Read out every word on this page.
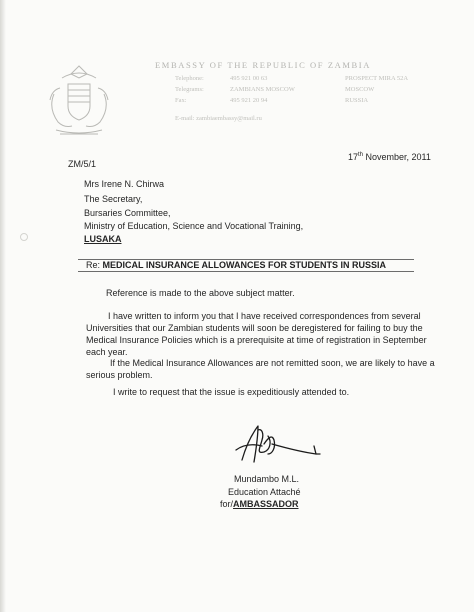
EMBASSY OF THE REPUBLIC OF ZAMBIA

Telephone:	495 921 00 63	PROSPECT MIRA 52A
Telegrams:	ZAMBIANS MOSCOW	MOSCOW
Fax:	495 921 20 94	RUSSIA

E-mail: zambiaembassy@mail.ru

ZM/5/1

17th November, 2011

Mrs Irene N. Chirwa

The Secretary,

Bursaries Committee,

Ministry of Education, Science and Vocational Training,

LUSAKA

Re: MEDICAL INSURANCE ALLOWANCES FOR STUDENTS IN RUSSIA

Reference is made to the above subject matter.

I have written to inform you that I have received correspondences from several Universities that our Zambian students will soon be deregistered for failing to buy the Medical Insurance Policies which is a prerequisite at time of registration in September each year.

If the Medical Insurance Allowances are not remitted soon, we are likely to have a serious problem.

I write to request that the issue is expeditiously attended to.

Mundambo M.L.

Education Attaché

for/AMBASSADOR
